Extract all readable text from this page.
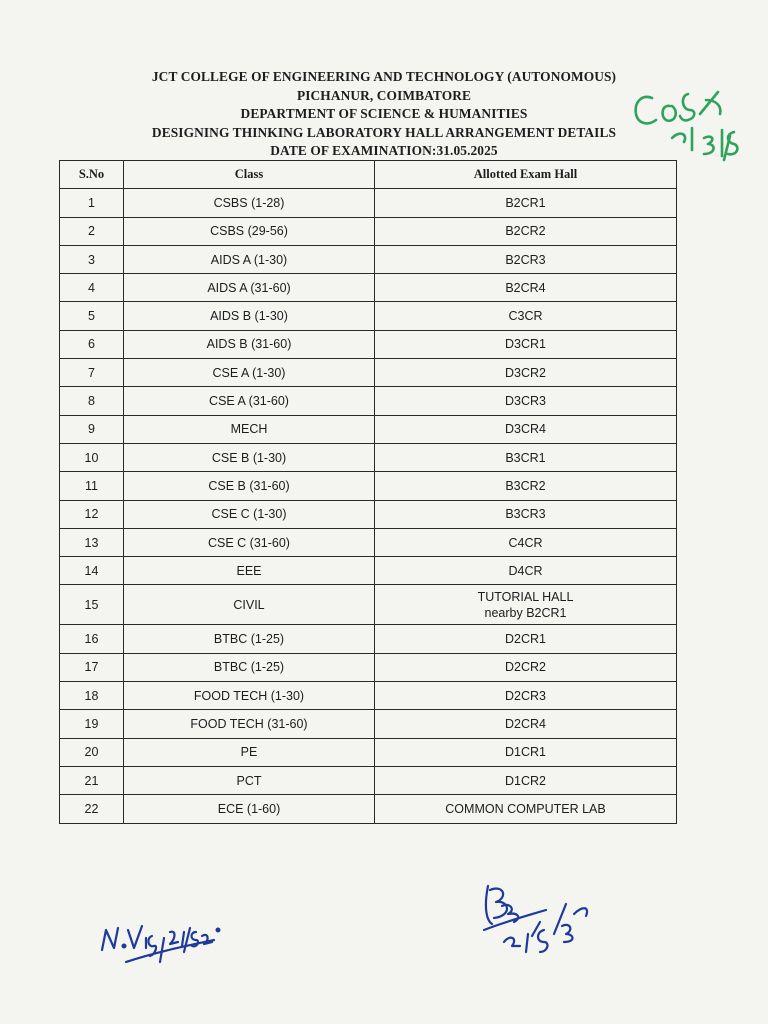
JCT COLLEGE OF ENGINEERING AND TECHNOLOGY (AUTONOMOUS)
PICHANUR, COIMBATORE
DEPARTMENT OF SCIENCE & HUMANITIES
DESIGNING THINKING LABORATORY HALL ARRANGEMENT DETAILS
DATE OF EXAMINATION:31.05.2025
S.No	Class	Allotted Exam Hall
1	CSBS (1-28)	B2CR1
2	CSBS (29-56)	B2CR2
3	AIDS A (1-30)	B2CR3
4	AIDS A (31-60)	B2CR4
5	AIDS B (1-30)	C3CR
6	AIDS B (31-60)	D3CR1
7	CSE A (1-30)	D3CR2
8	CSE A (31-60)	D3CR3
9	MECH	D3CR4
10	CSE B (1-30)	B3CR1
11	CSE B (31-60)	B3CR2
12	CSE C (1-30)	B3CR3
13	CSE C (31-60)	C4CR
14	EEE	D4CR
15	CIVIL	TUTORIAL HALL
nearby B2CR1

16	BTBC (1-25)	D2CR1
17	BTBC (1-25)	D2CR2
18	FOOD TECH (1-30)	D2CR3
19	FOOD TECH (31-60)	D2CR4
20	PE	D1CR1
21	PCT	D1CR2
22	ECE (1-60)	COMMON COMPUTER LAB
